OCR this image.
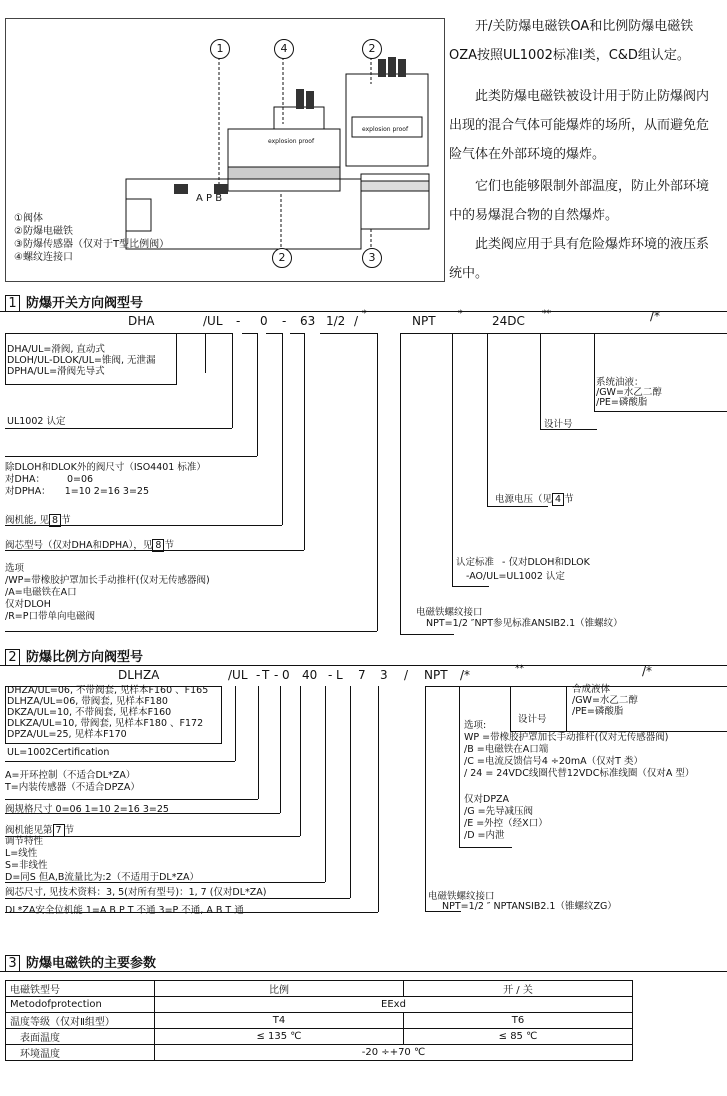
A P B
explosion proof
explosion proof
1	4	2
2	3
①阀体
②防爆电磁铁
③防爆传感器（仅对于T型比例阀）
④螺纹连接口

开/关防爆电磁铁OA和比例防爆电磁铁OZA按照UL1002标准Ⅰ类，C&D组认定。

此类防爆电磁铁被设计用于防止防爆阀内出现的混合气体可能爆炸的场所，从而避免危险气体在外部环境的爆炸。

它们也能够限制外部温度，防止外部环境中的易爆混合物的自然爆炸。

此类阀应用于具有危险爆炸环境的液压系统中。

1 防爆开关方向阀型号
DHA	/UL - 0 - 63 1/2 / *	NPT * 24DC **	/*
DHA/UL=滑阀, 直动式
DLOH/UL-DLOK/UL=锥阀, 无泄漏
DPHA/UL=滑阀先导式
UL1002 认定
除DLOH和DLOK外的阀尺寸（ISO4401 标准）
对DHA： 0=06
对DPHA： 1=10 2=16 3=25
阀机能, 见 8 节
阀芯型号（仅对DHA和DPHA），见 8 节
选项
/WP=带橡胶护罩加长手动推杆(仅对无传感器阀)
/A=电磁铁在A口
仅对DLOH
/R=P口带单向电磁阀
系统油液：
/GW=水乙二醇
/PE=磷酸脂
设计号
电源电压（见 4 节
认定标准 - 仅对DLOH和DLOK
-AO/UL=UL1002 认定
电磁铁螺纹接口
NPT=1/2 ″NPT参见标准ANSIB2.1（锥螺纹）
2 防爆比例方向阀型号
DLHZA	/UL - T - 0 40 - L 7 3 / NPT /*	**	/*
DHZA/UL=06, 不带阀套, 见样本F160 、F165
DLHZA/UL=06, 带阀套, 见样本F180
DKZA/UL=10, 不带阀套, 见样本F160
DLKZA/UL=10, 带阀套, 见样本F180 、F172
DPZA/UL=25, 见样本F170
UL=1002Certification
A=开环控制（不适合DL*ZA）
T=内装传感器（不适合DPZA）
阀规格尺寸 0=06 1=10 2=16 3=25
阀机能见第 7 节
调节特性
L=线性
S=非线性
D=同S 但A,B流量比为:2（不适用于DL*ZA）
阀芯尺寸, 见技术资料：3, 5(对所有型号)：1, 7 (仅对DL*ZA)
DL*ZA安全位机能 1=A B P T 不通 3=P 不通, A B T 通
合成液体
/GW=水乙二醇
/PE=磷酸脂
设计号
选项:
WP =带橡胶护罩加长手动推杆(仅对无传感器阀)
/B =电磁铁在A口端
/C =电流反馈信号4 ÷20mA（仅对T 类）
/ 24 = 24VDC线圈代替12VDC标准线圈（仅对A 型）
仅对DPZA
/G =先导减压阀
/E =外控（经X口）
/D =内泄
电磁铁螺纹接口
NPT=1/2 ″ NPTANSIB2.1（锥螺纹ZG）
3 防爆电磁铁的主要参数
电磁铁型号	比例	开 / 关
Metodofprotection	EExd	
温度等级（仅对Ⅱ组型）	T4	T6
表面温度	≤ 135 ℃	≤ 85 ℃
环境温度	-20 ÷+70 ℃	
